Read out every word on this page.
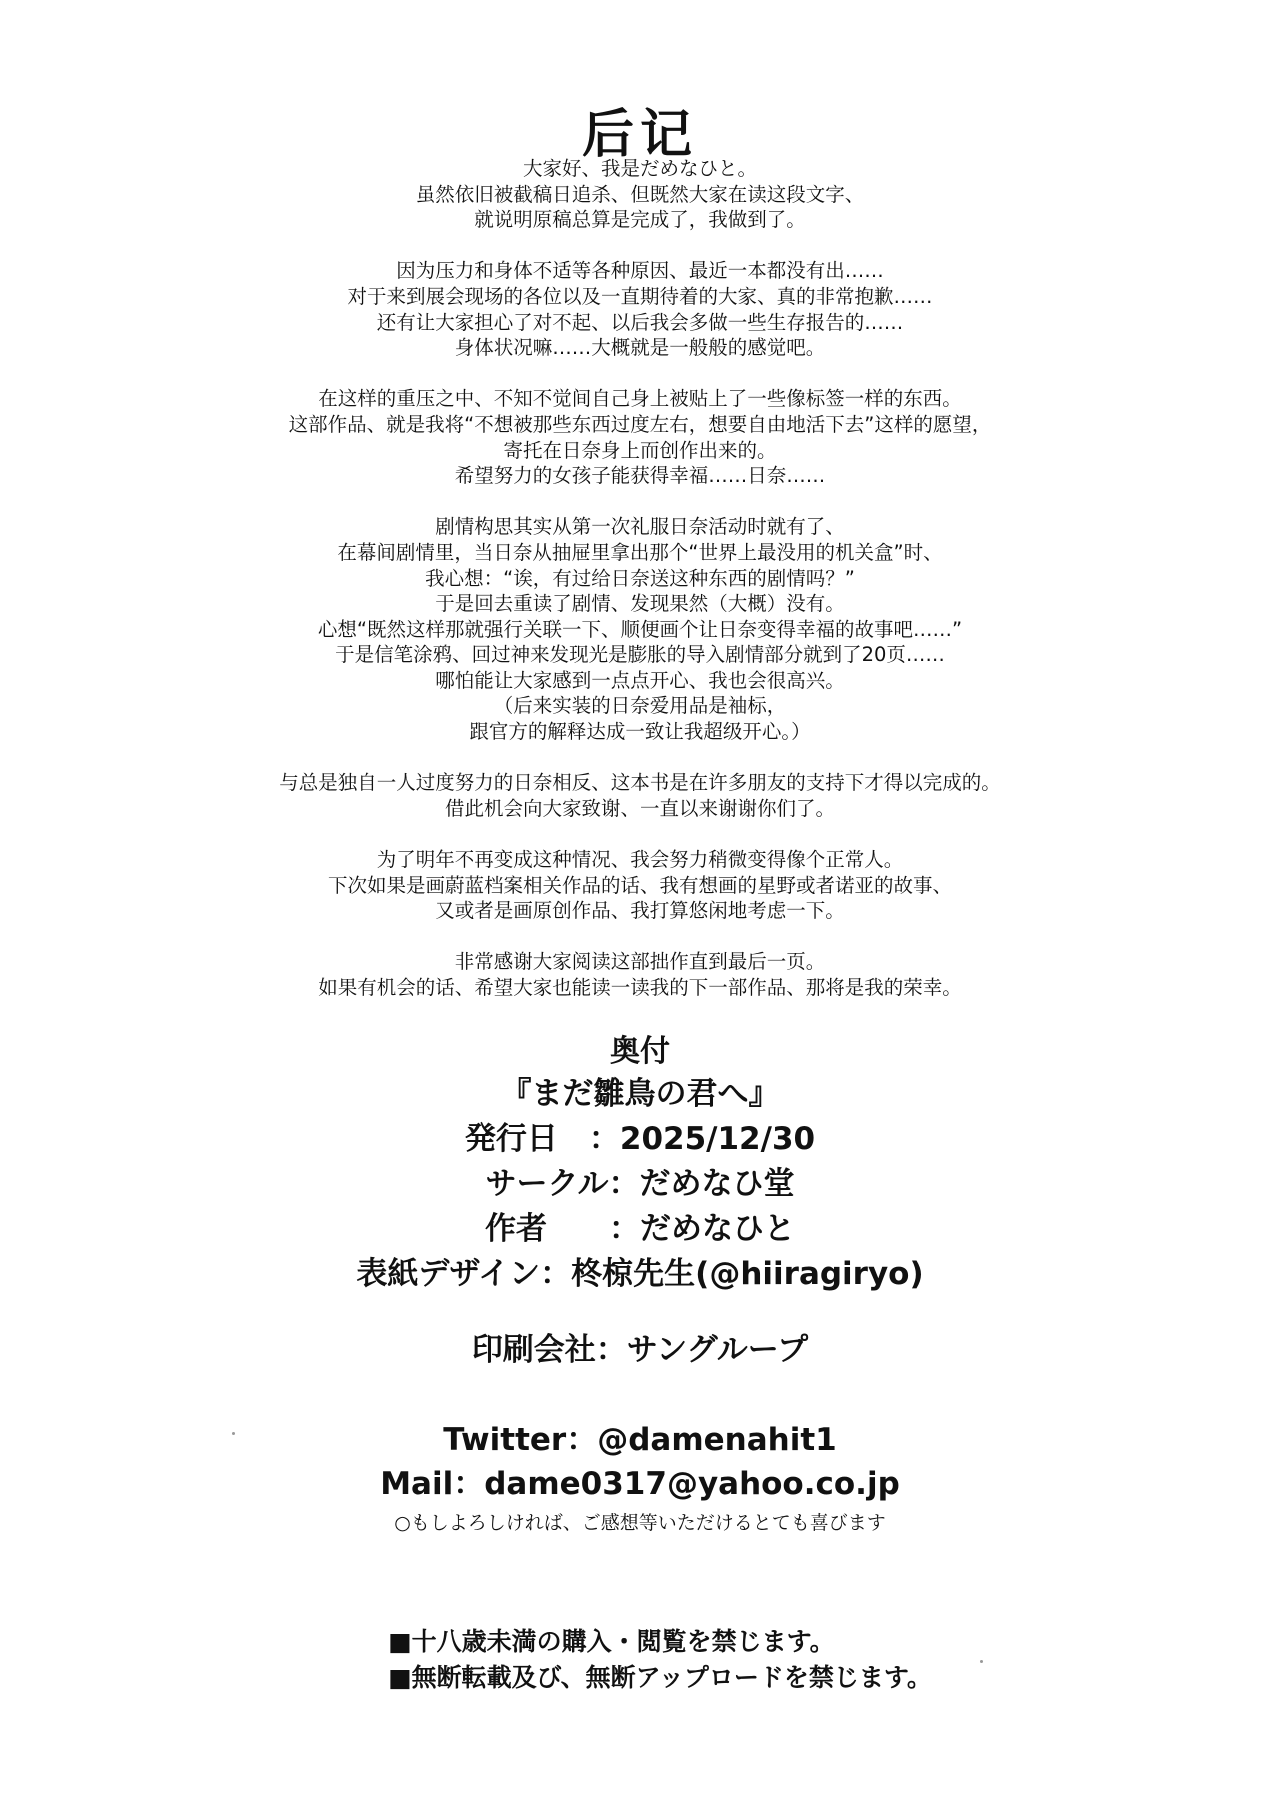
后记
大家好、我是だめなひと。
虽然依旧被截稿日追杀、但既然大家在读这段文字、
就说明原稿总算是完成了，我做到了。
因为压力和身体不适等各种原因、最近一本都没有出……
对于来到展会现场的各位以及一直期待着的大家、真的非常抱歉……
还有让大家担心了对不起、以后我会多做一些生存报告的……
身体状况嘛……大概就是一般般的感觉吧。
在这样的重压之中、不知不觉间自己身上被贴上了一些像标签一样的东西。
这部作品、就是我将“不想被那些东西过度左右，想要自由地活下去”这样的愿望，
寄托在日奈身上而创作出来的。
希望努力的女孩子能获得幸福……日奈……
剧情构思其实从第一次礼服日奈活动时就有了、
在幕间剧情里，当日奈从抽屉里拿出那个“世界上最没用的机关盒”时、
我心想：“诶，有过给日奈送这种东西的剧情吗？”
于是回去重读了剧情、发现果然（大概）没有。
心想“既然这样那就强行关联一下、顺便画个让日奈变得幸福的故事吧……”
于是信笔涂鸦、回过神来发现光是膨胀的导入剧情部分就到了20页……
哪怕能让大家感到一点点开心、我也会很高兴。
（后来实装的日奈爱用品是袖标，
跟官方的解释达成一致让我超级开心。）
与总是独自一人过度努力的日奈相反、这本书是在许多朋友的支持下才得以完成的。
借此机会向大家致谢、一直以来谢谢你们了。
为了明年不再变成这种情况、我会努力稍微变得像个正常人。
下次如果是画蔚蓝档案相关作品的话、我有想画的星野或者诺亚的故事、
又或者是画原创作品、我打算悠闲地考虑一下。
非常感谢大家阅读这部拙作直到最后一页。
如果有机会的话、希望大家也能读一读我的下一部作品、那将是我的荣幸。
奥付
『まだ雛鳥の君へ』
発行日　：2025/12/30
サークル：だめなひ堂
作者　　：だめなひと
表紙デザイン：柊椋先生(@hiiragiryo)
印刷会社：サングループ
Twitter：@damenahit1
Mail：dame0317@yahoo.co.jp
○もしよろしければ、ご感想等いただけるとても喜びます
■十八歳未満の購入・閲覧を禁じます。
■無断転載及び、無断アップロードを禁じます。
